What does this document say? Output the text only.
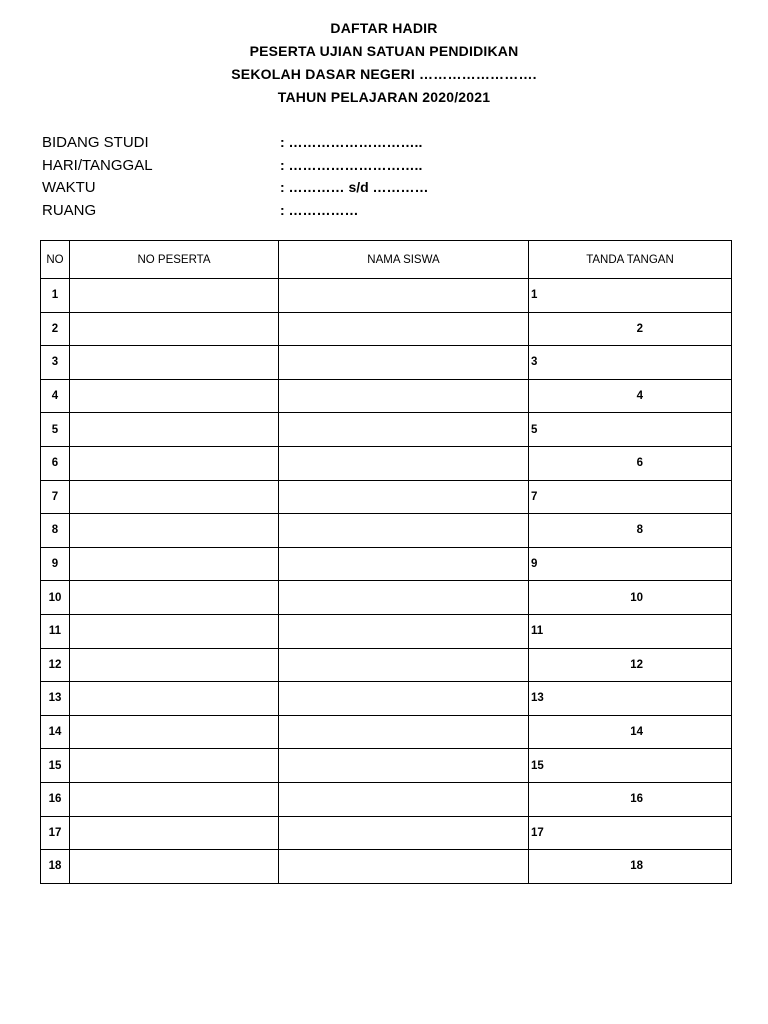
DAFTAR HADIR
PESERTA UJIAN SATUAN PENDIDIKAN
SEKOLAH DASAR NEGERI …………………….
TAHUN PELAJARAN 2020/2021
BIDANG STUDI	: ………………………..
HARI/TANGGAL	: ………………………..
WAKTU	: ………… s/d …………
RUANG	: ……………
NO	NO PESERTA	NAMA SISWA	TANDA TANGAN
1			1
2			2
3			3
4			4
5			5
6			6
7			7
8			8
9			9
10			10
11			11
12			12
13			13
14			14
15			15
16			16
17			17
18			18
